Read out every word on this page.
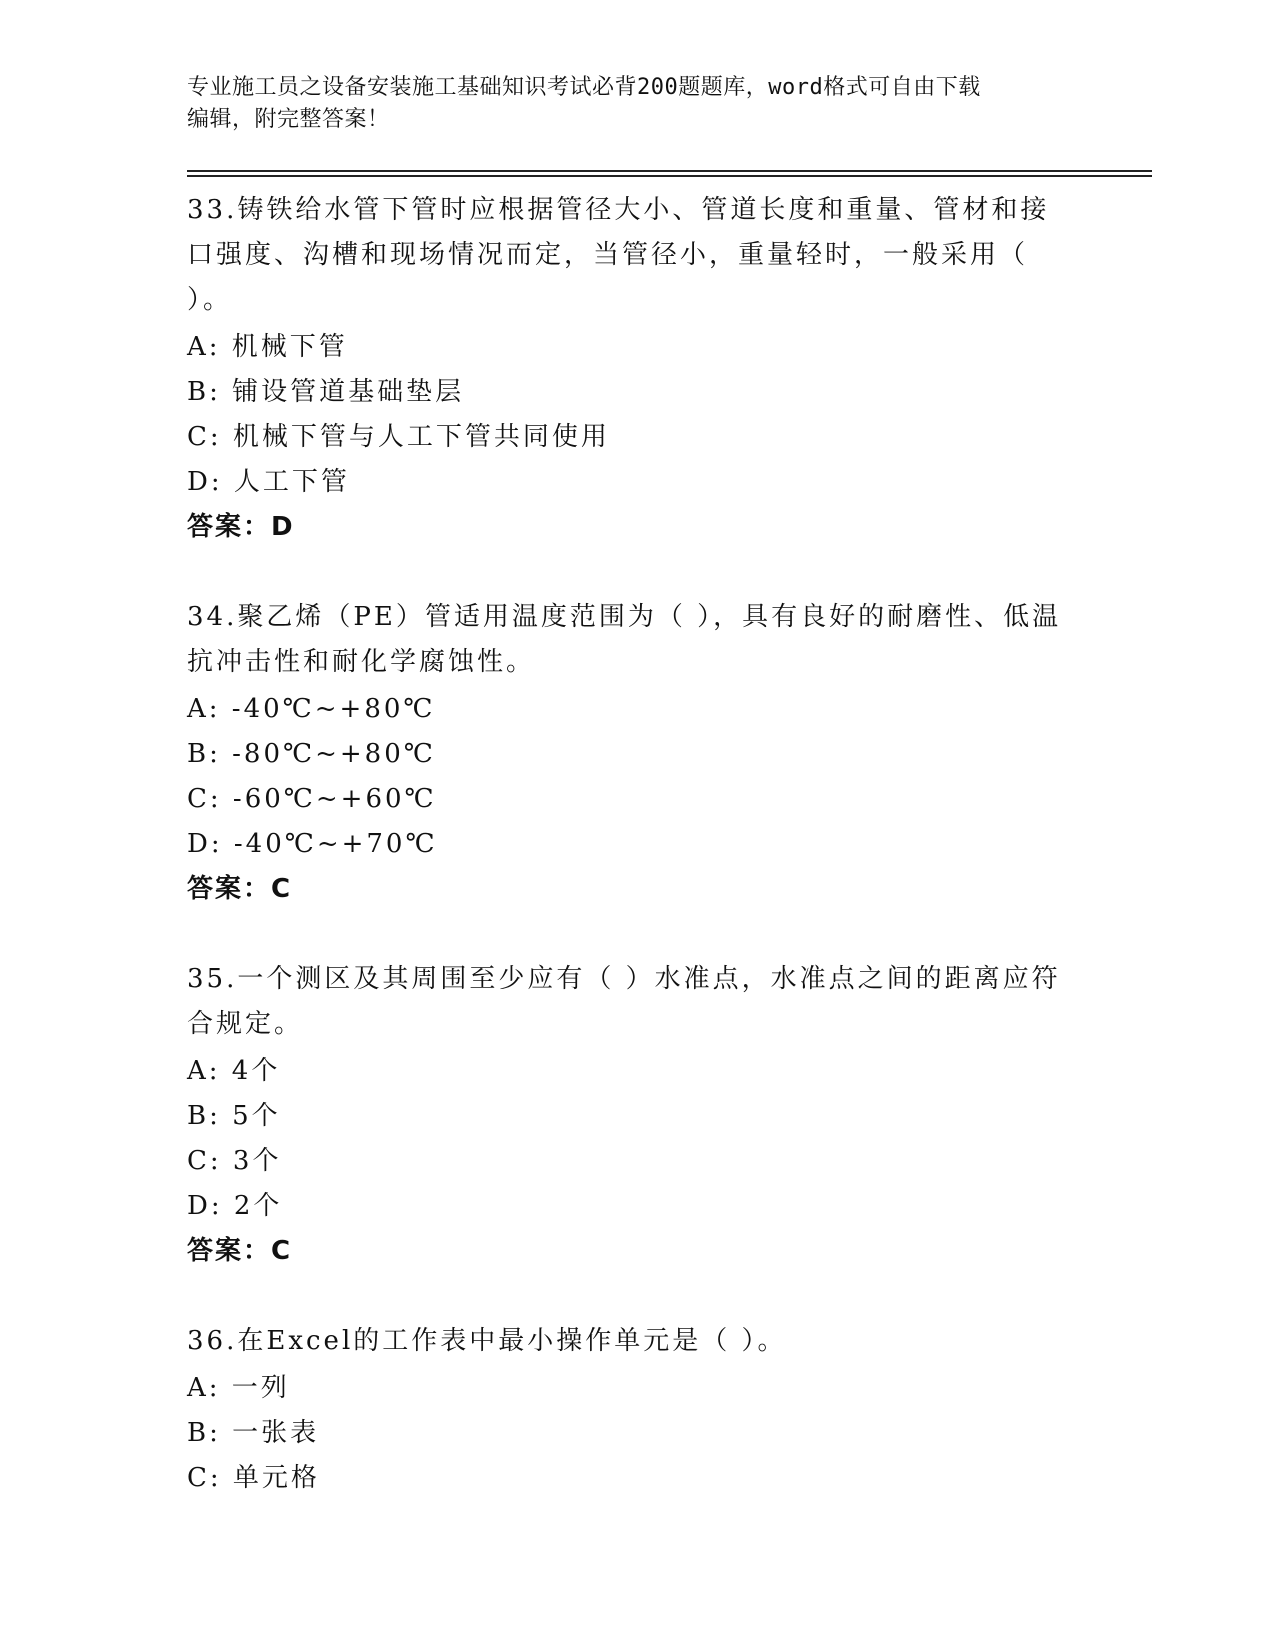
专业施工员之设备安装施工基础知识考试必背200题题库，word格式可自由下载
编辑，附完整答案！
33.铸铁给水管下管时应根据管径大小、管道长度和重量、管材和接口强度、沟槽和现场情况而定，当管径小，重量轻时，一般采用（ ）。
A: 机械下管
B: 铺设管道基础垫层
C: 机械下管与人工下管共同使用
D: 人工下管
答案：D
34.聚乙烯（PE）管适用温度范围为（ ），具有良好的耐磨性、低温抗冲击性和耐化学腐蚀性。
A: -40℃~+80℃
B: -80℃~+80℃
C: -60℃~+60℃
D: -40℃~+70℃
答案：C
35.一个测区及其周围至少应有（ ）水准点，水准点之间的距离应符合规定。
A: 4个
B: 5个
C: 3个
D: 2个
答案：C
36.在Excel的工作表中最小操作单元是（ ）。
A: 一列
B: 一张表
C: 单元格
